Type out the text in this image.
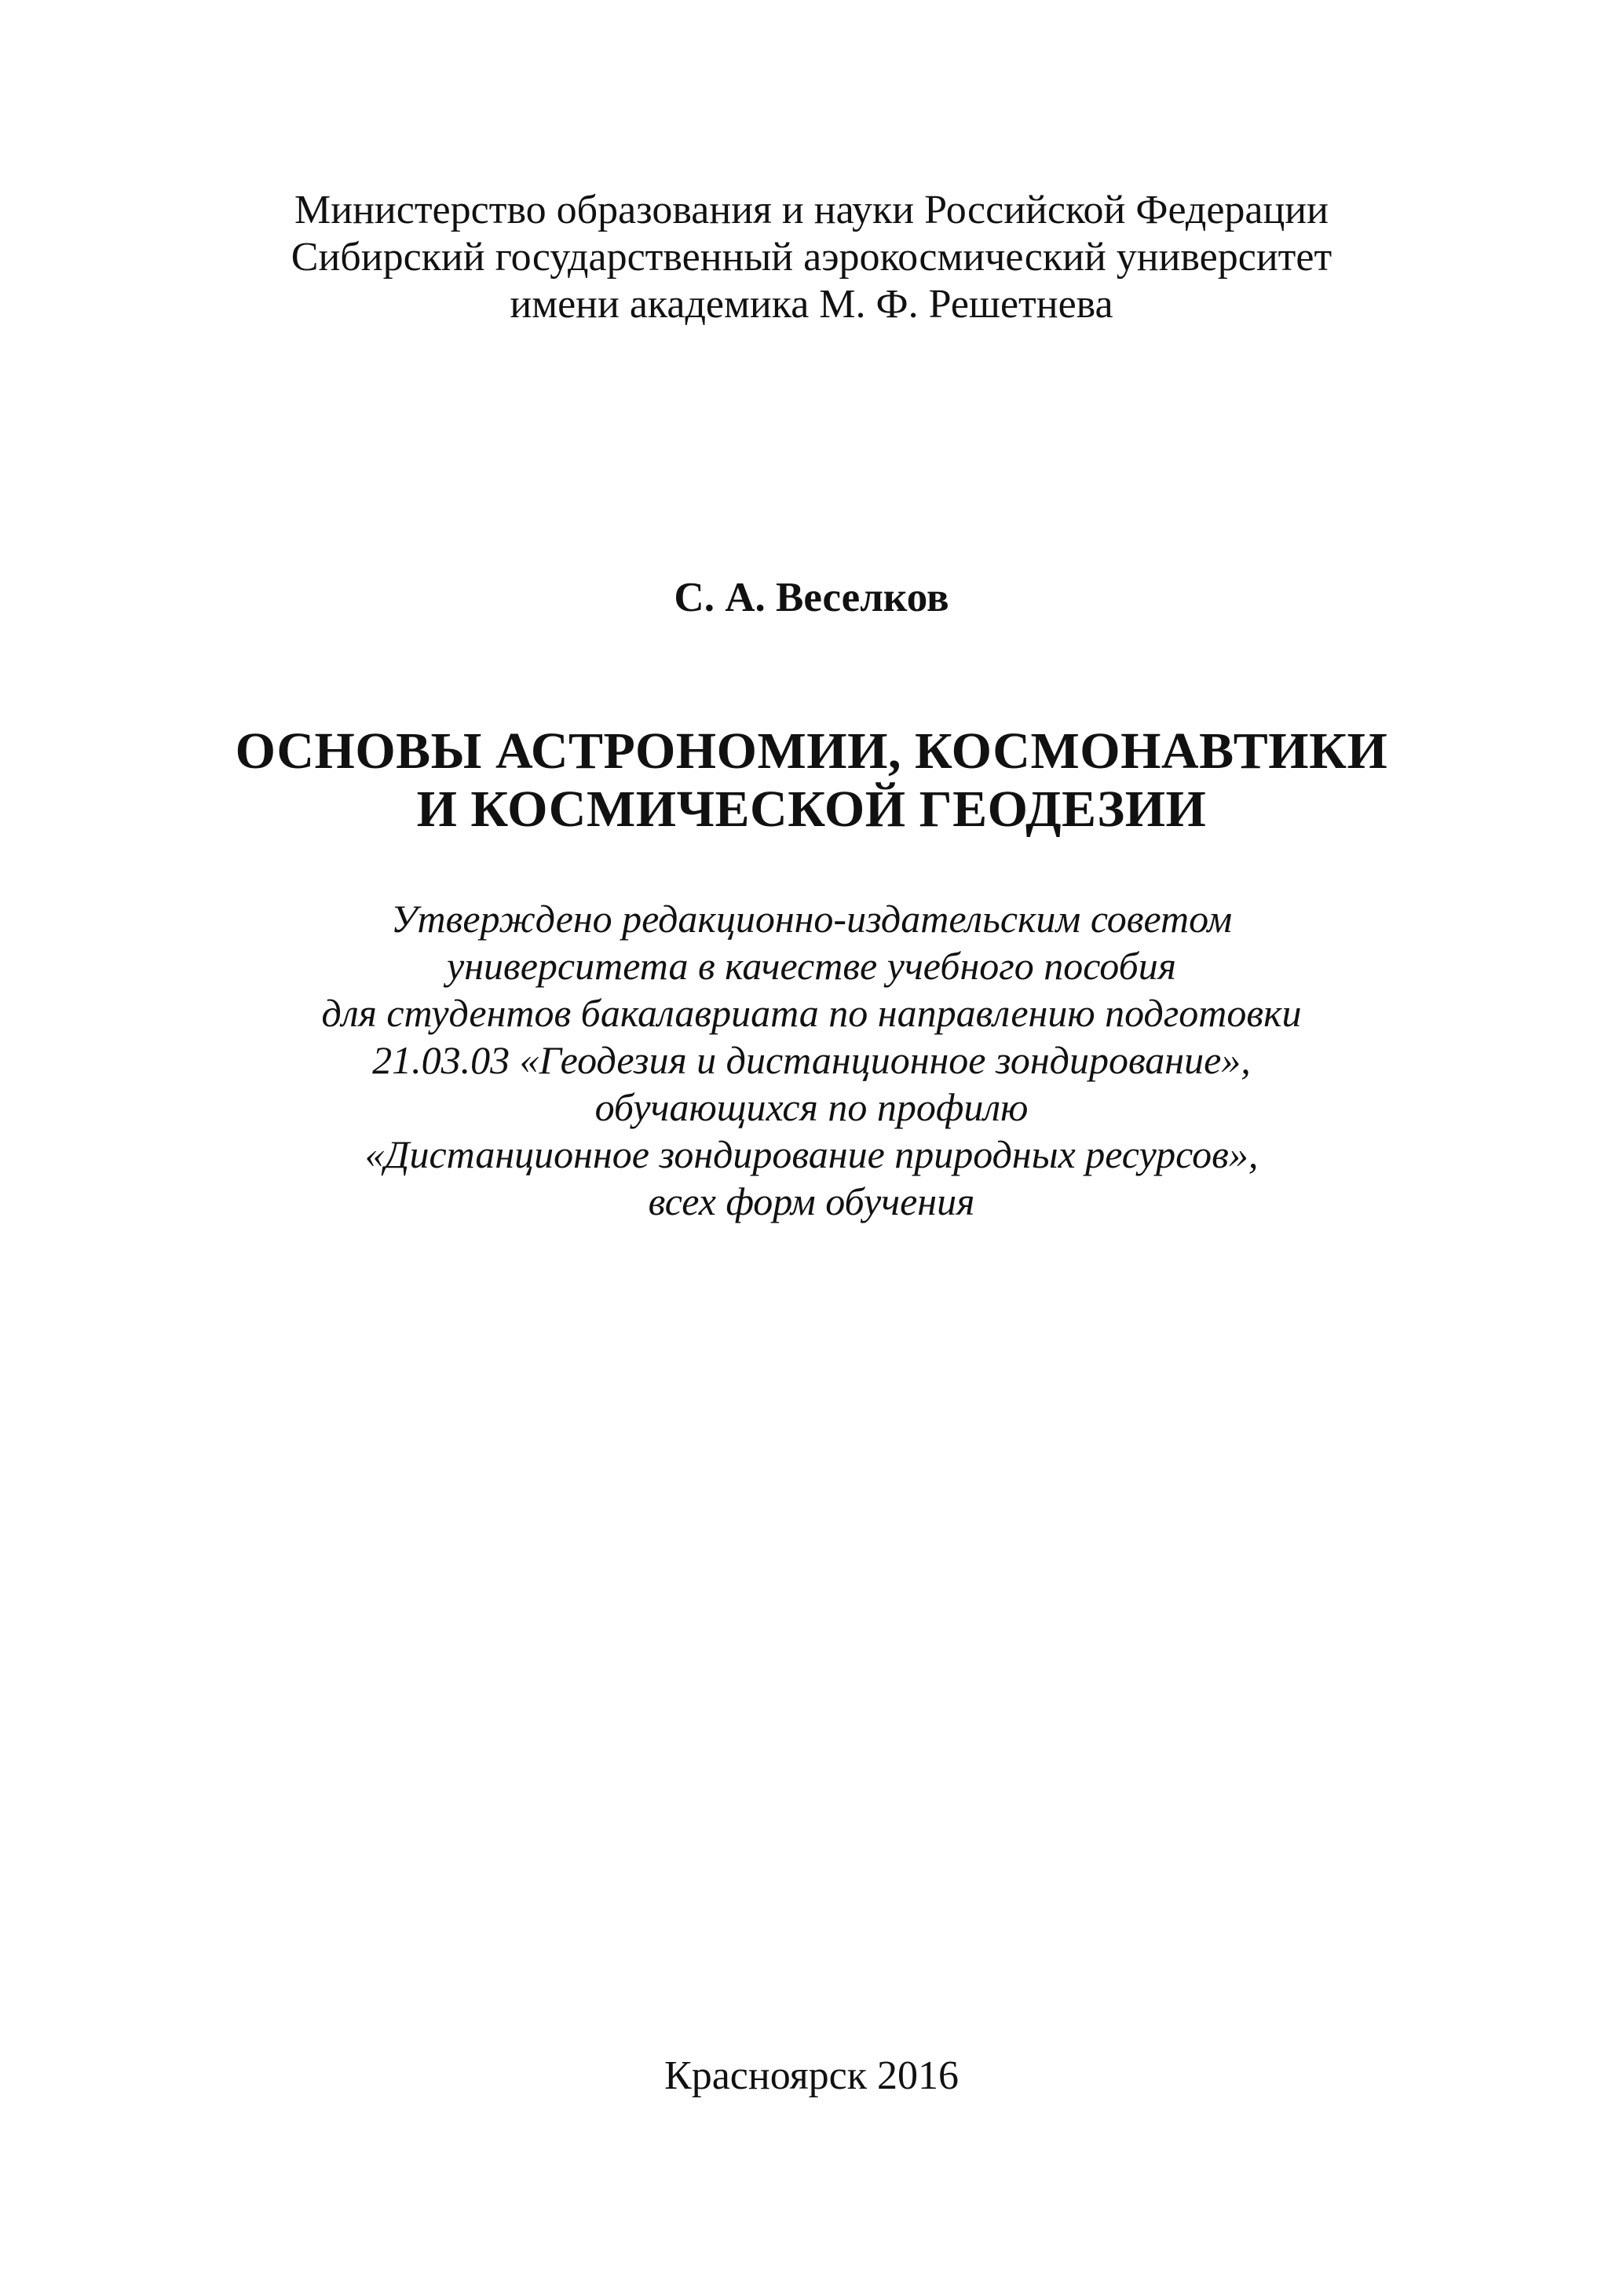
Министерство образования и науки Российской Федерации
Сибирский государственный аэрокосмический университет
имени академика М. Ф. Решетнева
С. А. Веселков
ОСНОВЫ АСТРОНОМИИ, КОСМОНАВТИКИ
И КОСМИЧЕСКОЙ ГЕОДЕЗИИ
Утверждено редакционно-издательским советом
университета в качестве учебного пособия
для студентов бакалавриата по направлению подготовки
21.03.03 «Геодезия и дистанционное зондирование»,
обучающихся по профилю
«Дистанционное зондирование природных ресурсов»,
всех форм обучения
Красноярск 2016
